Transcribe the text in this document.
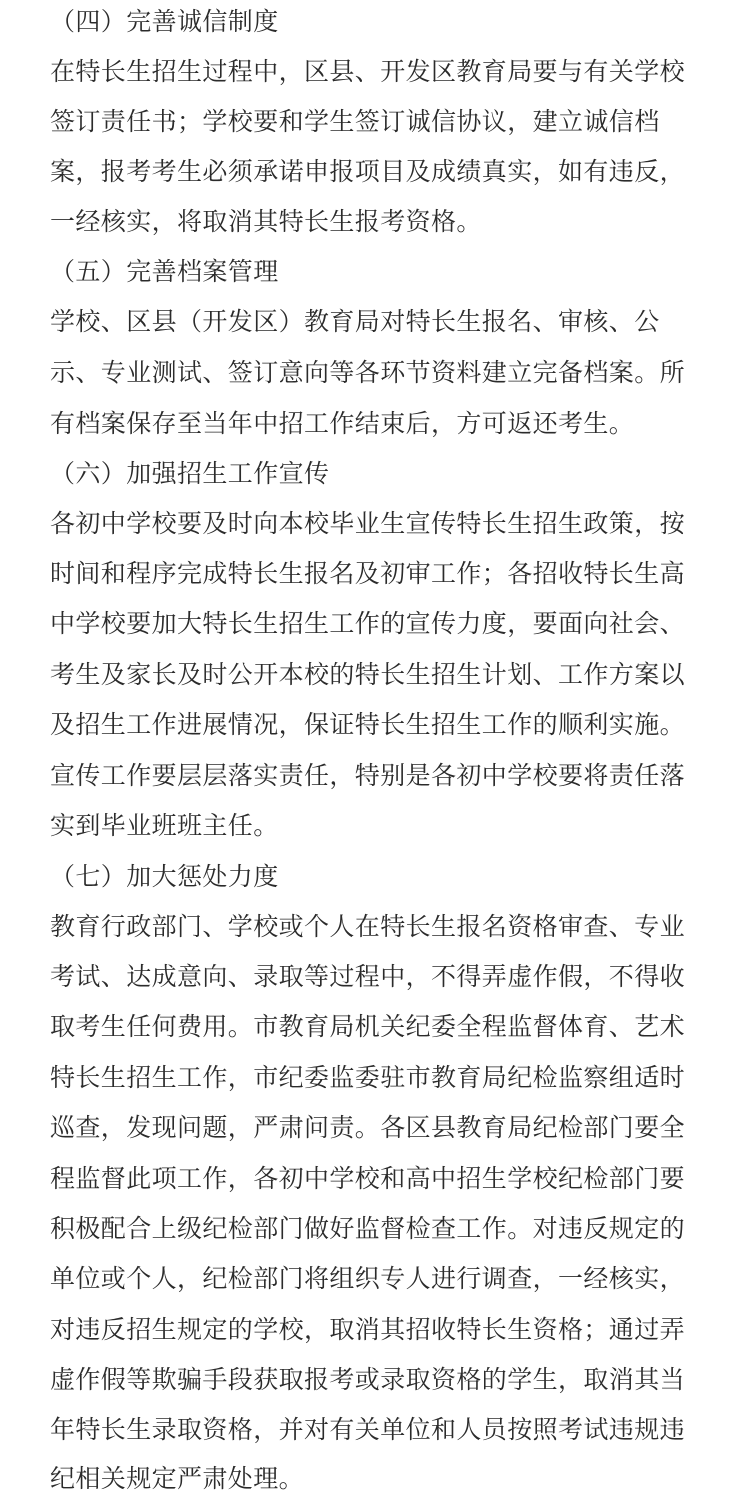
（四）完善诚信制度
在特长生招生过程中，区县、开发区教育局要与有关学校
签订责任书；学校要和学生签订诚信协议，建立诚信档
案，报考考生必须承诺申报项目及成绩真实，如有违反，
一经核实，将取消其特长生报考资格。
（五）完善档案管理
学校、区县（开发区）教育局对特长生报名、审核、公
示、专业测试、签订意向等各环节资料建立完备档案。所
有档案保存至当年中招工作结束后，方可返还考生。
（六）加强招生工作宣传
各初中学校要及时向本校毕业生宣传特长生招生政策，按
时间和程序完成特长生报名及初审工作；各招收特长生高
中学校要加大特长生招生工作的宣传力度，要面向社会、
考生及家长及时公开本校的特长生招生计划、工作方案以
及招生工作进展情况，保证特长生招生工作的顺利实施。
宣传工作要层层落实责任，特别是各初中学校要将责任落
实到毕业班班主任。
（七）加大惩处力度
教育行政部门、学校或个人在特长生报名资格审查、专业
考试、达成意向、录取等过程中，不得弄虚作假，不得收
取考生任何费用。市教育局机关纪委全程监督体育、艺术
特长生招生工作，市纪委监委驻市教育局纪检监察组适时
巡查，发现问题，严肃问责。各区县教育局纪检部门要全
程监督此项工作，各初中学校和高中招生学校纪检部门要
积极配合上级纪检部门做好监督检查工作。对违反规定的
单位或个人，纪检部门将组织专人进行调查，一经核实，
对违反招生规定的学校，取消其招收特长生资格；通过弄
虚作假等欺骗手段获取报考或录取资格的学生，取消其当
年特长生录取资格，并对有关单位和人员按照考试违规违
纪相关规定严肃处理。
